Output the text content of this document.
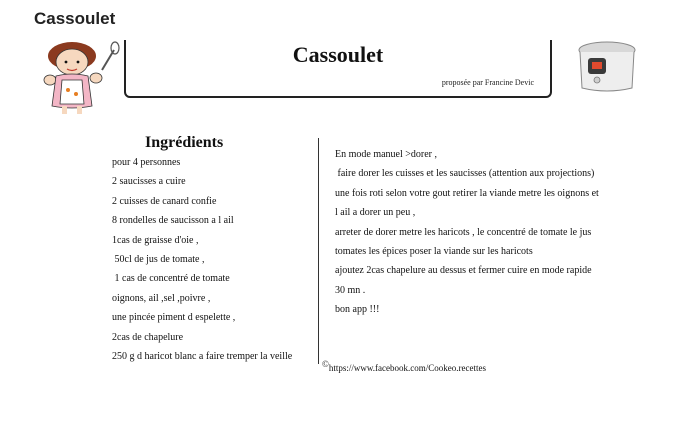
Cassoulet
Cassoulet
proposée par Francine Devic
Ingrédients
pour 4 personnes
2 saucisses a cuire
2 cuisses de canard confie
8 rondelles de saucisson a l ail
1cas de graisse d'oie ,
50cl de jus de tomate ,
1 cas de concentré de tomate
oignons, ail ,sel ,poivre ,
une pincée piment d espelette ,
2cas de chapelure
250 g d haricot blanc a faire tremper la veille
En mode manuel >dorer ,
faire dorer les cuisses et les saucisses (attention aux projections)
une fois roti selon votre gout retirer la viande metre les oignons et
l ail a dorer un peu ,
arreter de dorer metre les haricots , le concentré de tomate le jus
tomates les épices poser la viande sur les haricots
ajoutez 2cas chapelure au dessus et fermer cuire en mode rapide
30 mn .
bon app !!!
©https://www.facebook.com/Cookeo.recettes
